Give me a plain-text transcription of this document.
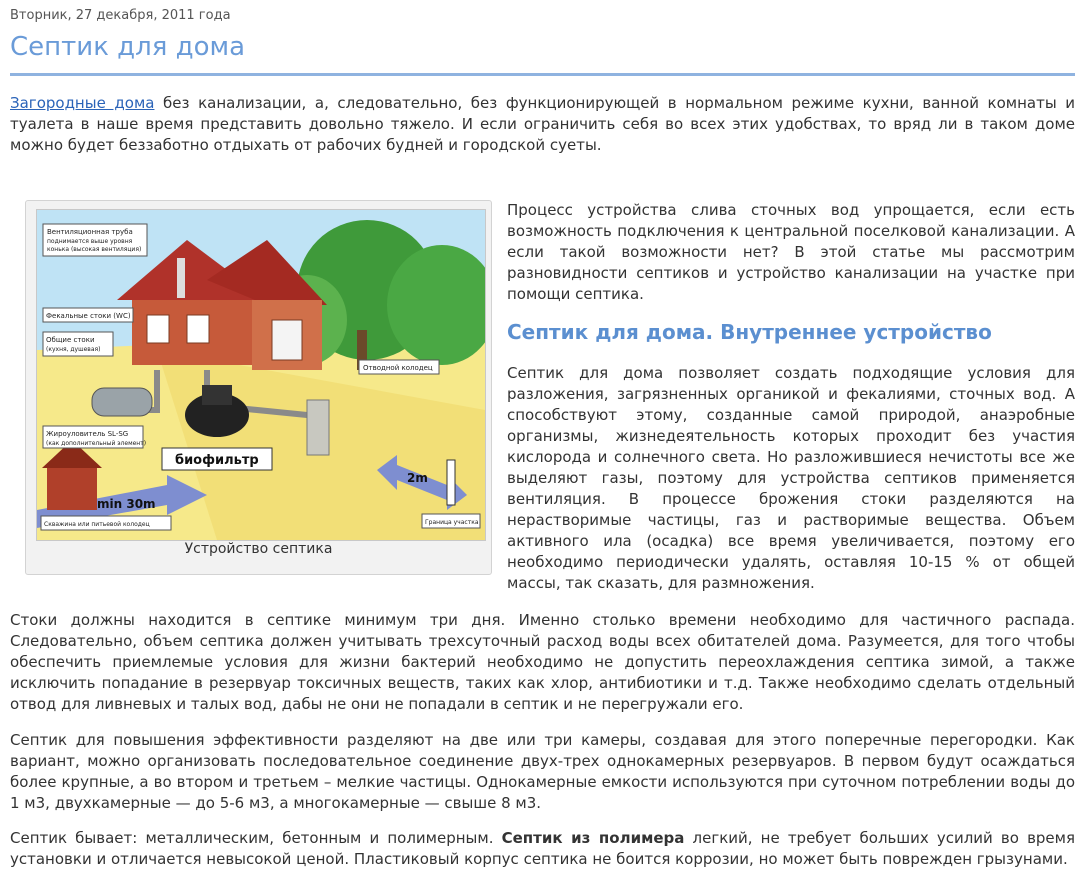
Вторник, 27 декабря, 2011 года
Септик для дома

Загородные дома без канализации, а, следовательно, без функционирующей в нормальном режиме кухни, ванной комнаты и туалета в наше время представить довольно тяжело. И если ограничить себя во всех этих удобствах, то вряд ли в таком доме можно будет беззаботно отдыхать от рабочих будней и городской суеты.

Вентиляционная труба
поднимается выше уровня
конька (высокая вентиляция)
Фекальные стоки (WC)
Общие стоки
(кухня, душевая)
Жироуловитель SL-SG
(как дополнительный элемент)
Отводной колодец
биофильтр
min 30m
2m
Скважина или питьевой колодец	Граница участка
Устройство септика

Процесс устройства слива сточных вод упрощается, если есть возможность подключения к центральной поселковой канализации. А если такой возможности нет? В этой статье мы рассмотрим разновидности септиков и устройство канализации на участке при помощи септика.

Септик для дома. Внутреннее устройство

Септик для дома позволяет создать подходящие условия для разложения, загрязненных органикой и фекалиями, сточных вод. А способствуют этому, созданные самой природой, анаэробные организмы, жизнедеятельность которых проходит без участия кислорода и солнечного света. Но разложившиеся нечистоты все же выделяют газы, поэтому для устройства септиков применяется вентиляция. В процессе брожения стоки разделяются на нерастворимые частицы, газ и растворимые вещества. Объем активного ила (осадка) все время увеличивается, поэтому его необходимо периодически удалять, оставляя 10-15 % от общей массы, так сказать, для размножения.

Стоки должны находится в септике минимум три дня. Именно столько времени необходимо для частичного распада. Следовательно, объем септика должен учитывать трехсуточный расход воды всех обитателей дома. Разумеется, для того чтобы обеспечить приемлемые условия для жизни бактерий необходимо не допустить переохлаждения септика зимой, а также исключить попадание в резервуар токсичных веществ, таких как хлор, антибиотики и т.д. Также необходимо сделать отдельный отвод для ливневых и талых вод, дабы не они не попадали в септик и не перегружали его.

Септик для повышения эффективности разделяют на две или три камеры, создавая для этого поперечные перегородки. Как вариант, можно организовать последовательное соединение двух-трех однокамерных резервуаров. В первом будут осаждаться более крупные, а во втором и третьем – мелкие частицы. Однокамерные емкости используются при суточном потреблении воды до 1 м3, двухкамерные — до 5-6 м3, а многокамерные — свыше 8 м3.

Септик бывает: металлическим, бетонным и полимерным. Септик из полимера легкий, не требует больших усилий во время установки и отличается невысокой ценой. Пластиковый корпус септика не боится коррозии, но может быть поврежден грызунами.
